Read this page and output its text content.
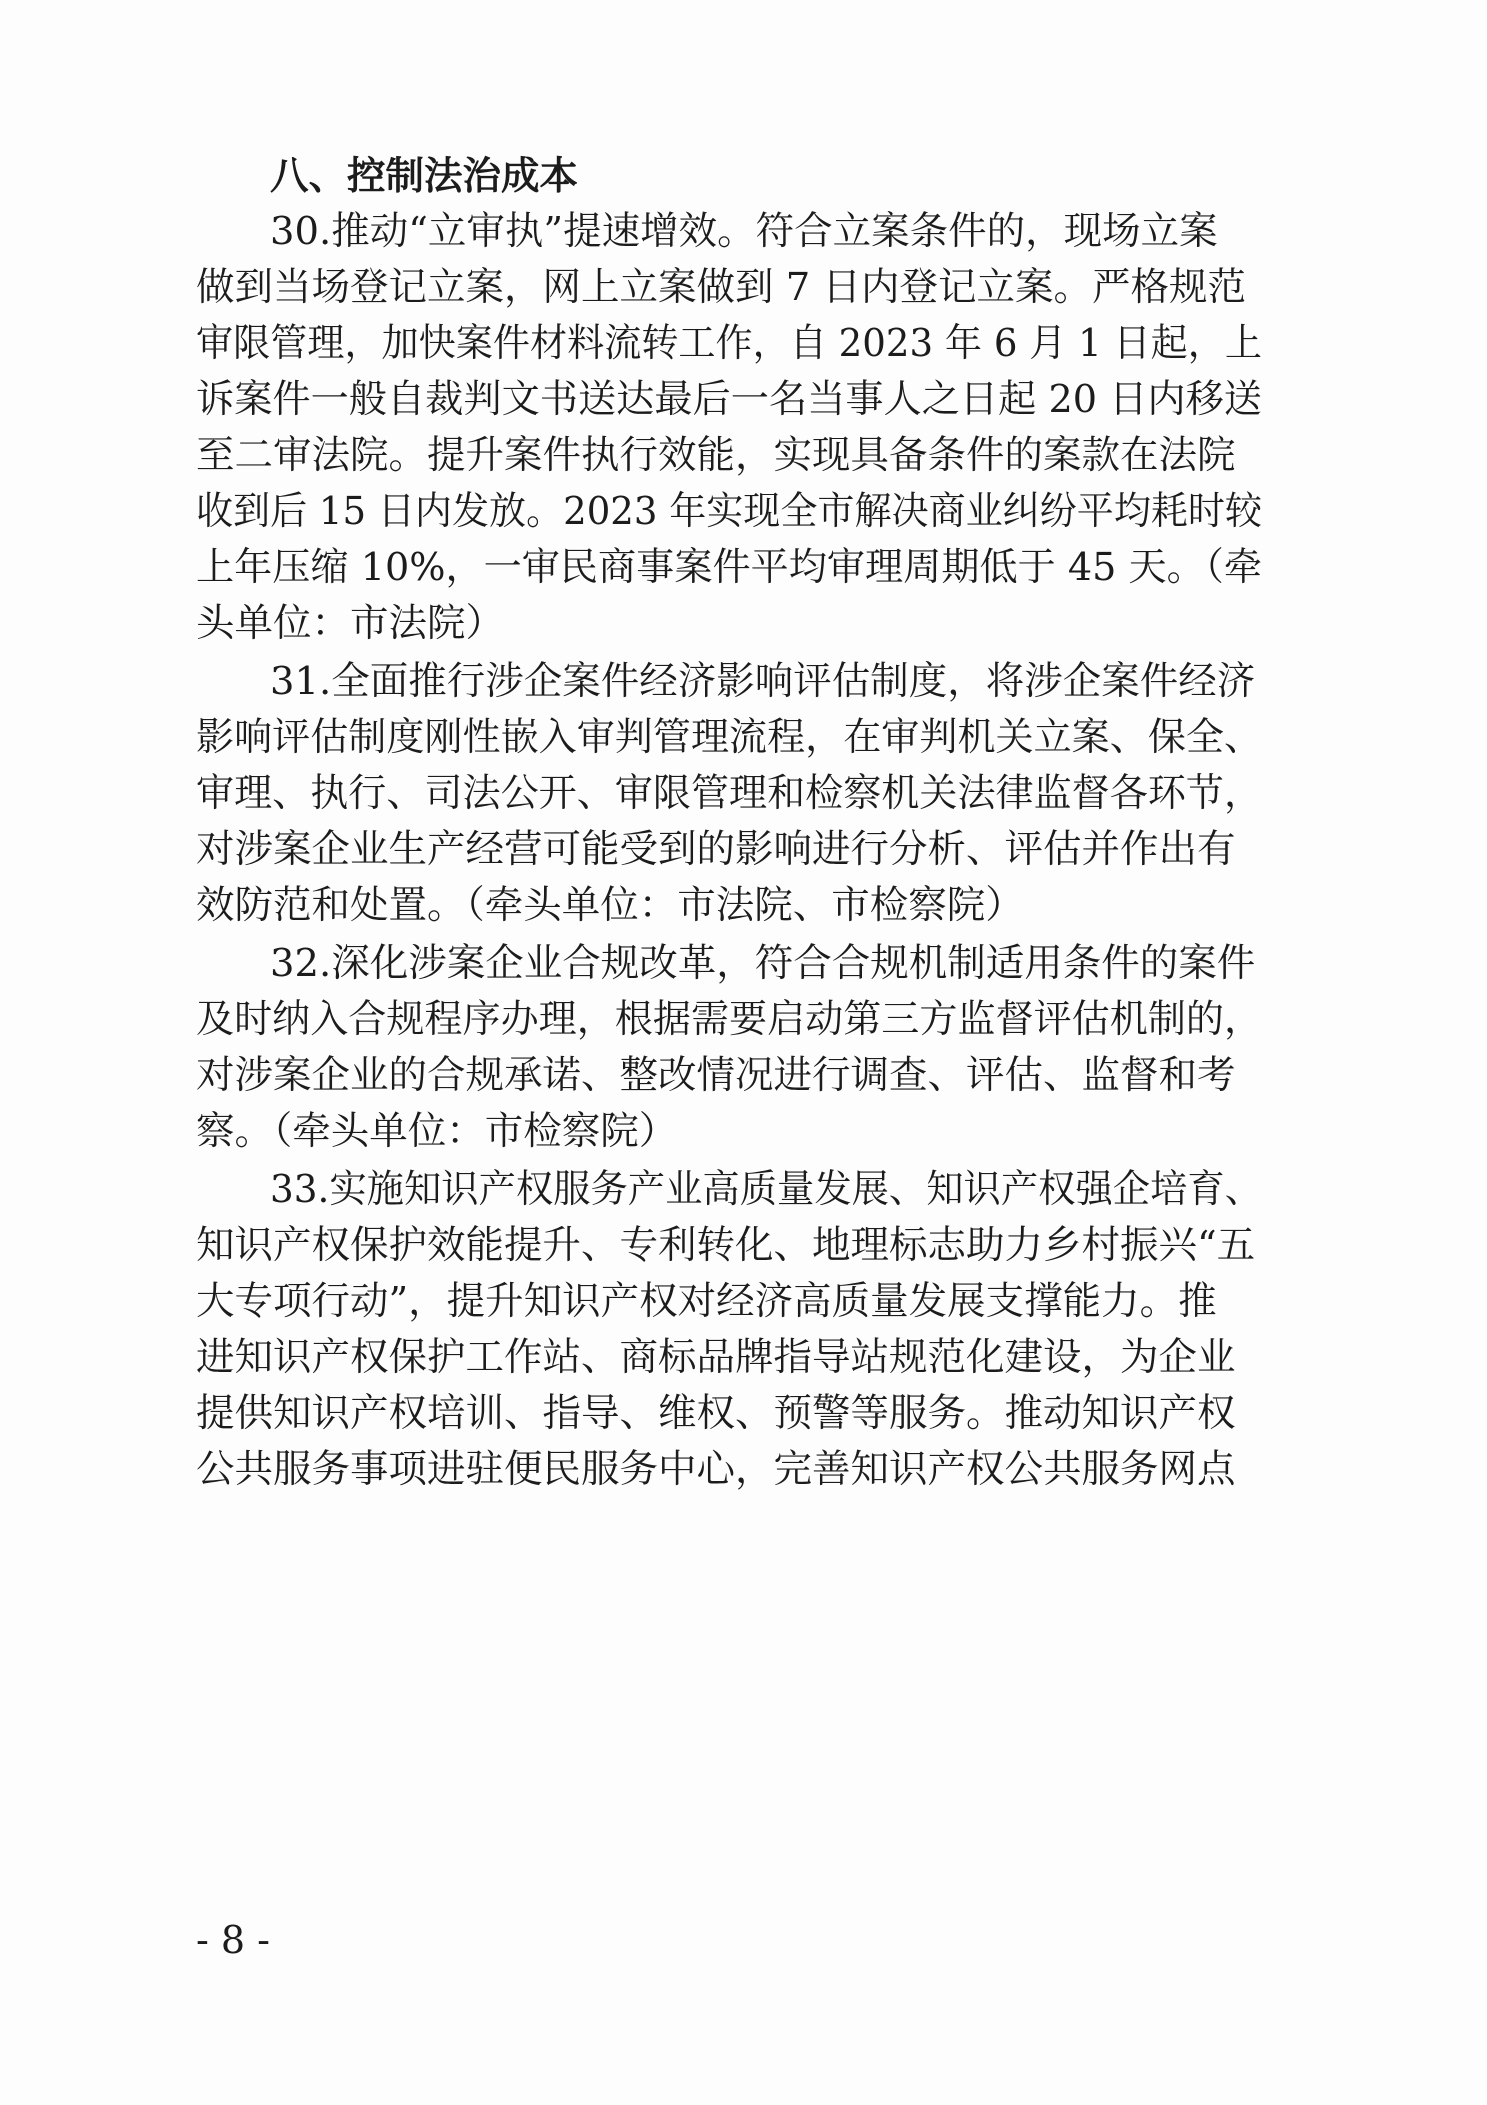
八、控制法治成本
30.推动“立审执”提速增效。符合立案条件的，现场立案
做到当场登记立案，网上立案做到 7 日内登记立案。严格规范
审限管理，加快案件材料流转工作，自 2023 年 6 月 1 日起，上
诉案件一般自裁判文书送达最后一名当事人之日起 20 日内移送
至二审法院。提升案件执行效能，实现具备条件的案款在法院
收到后 15 日内发放。2023 年实现全市解决商业纠纷平均耗时较
上年压缩 10%，一审民商事案件平均审理周期低于 45 天。（牵
头单位：市法院）
31.全面推行涉企案件经济影响评估制度，将涉企案件经济
影响评估制度刚性嵌入审判管理流程，在审判机关立案、保全、
审理、执行、司法公开、审限管理和检察机关法律监督各环节，
对涉案企业生产经营可能受到的影响进行分析、评估并作出有
效防范和处置。（牵头单位：市法院、市检察院）
32.深化涉案企业合规改革，符合合规机制适用条件的案件
及时纳入合规程序办理，根据需要启动第三方监督评估机制的，
对涉案企业的合规承诺、整改情况进行调查、评估、监督和考
察。（牵头单位：市检察院）
33.实施知识产权服务产业高质量发展、知识产权强企培育、
知识产权保护效能提升、专利转化、地理标志助力乡村振兴“五
大专项行动”，提升知识产权对经济高质量发展支撑能力。推
进知识产权保护工作站、商标品牌指导站规范化建设，为企业
提供知识产权培训、指导、维权、预警等服务。推动知识产权
公共服务事项进驻便民服务中心，完善知识产权公共服务网点
- 8 -
